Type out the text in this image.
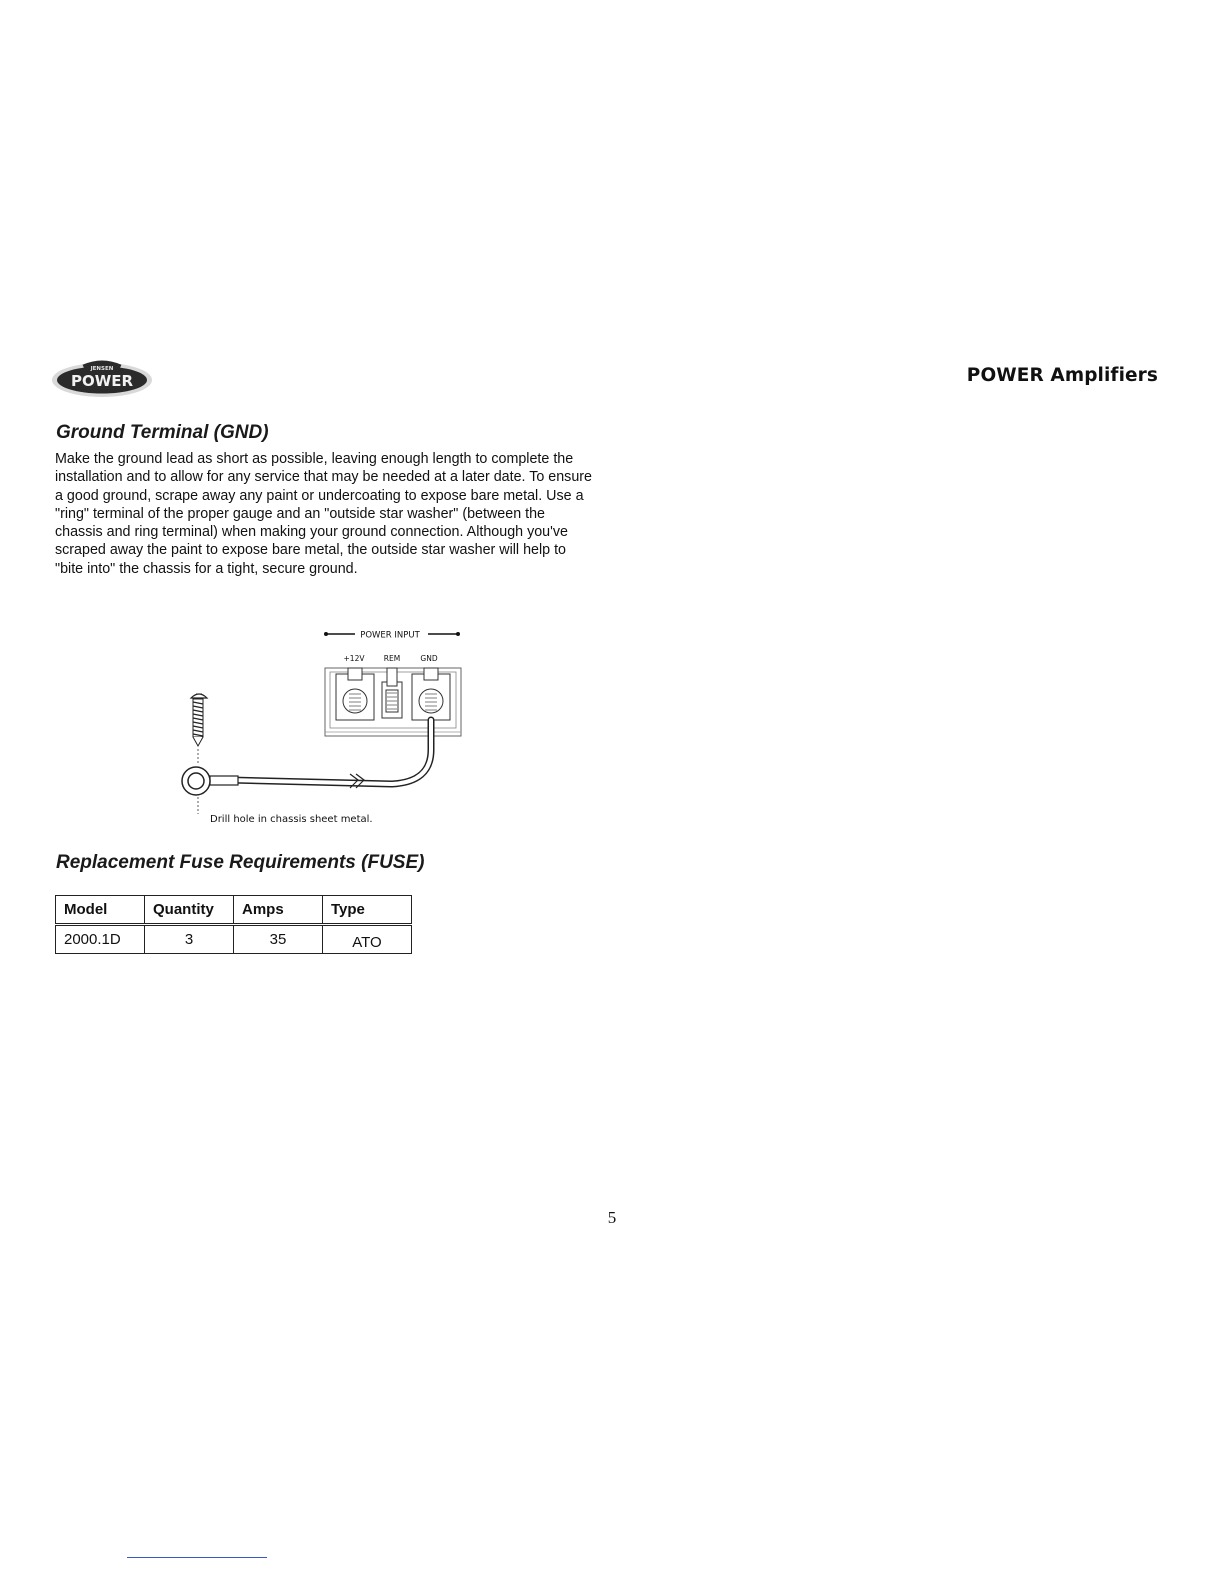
JENSEN
POWER	POWER Amplifiers
Ground Terminal (GND)

Make the ground lead as short as possible, leaving enough length to complete the installation and to allow for any service that may be needed at a later date. To ensure a good ground, scrape away any paint or undercoating to expose bare metal. Use a "ring" terminal of the proper gauge and an "outside star washer" (between the chassis and ring terminal) when making your ground connection. Although you've scraped away the paint to expose bare metal, the outside star washer will help to "bite into" the chassis for a tight, secure ground.

POWER INPUT
+12V	REM	GND
Drill hole in chassis sheet metal.
Replacement Fuse Requirements (FUSE)
Model	Quantity	Amps	Type
2000.1D	3	35	ATO
5
